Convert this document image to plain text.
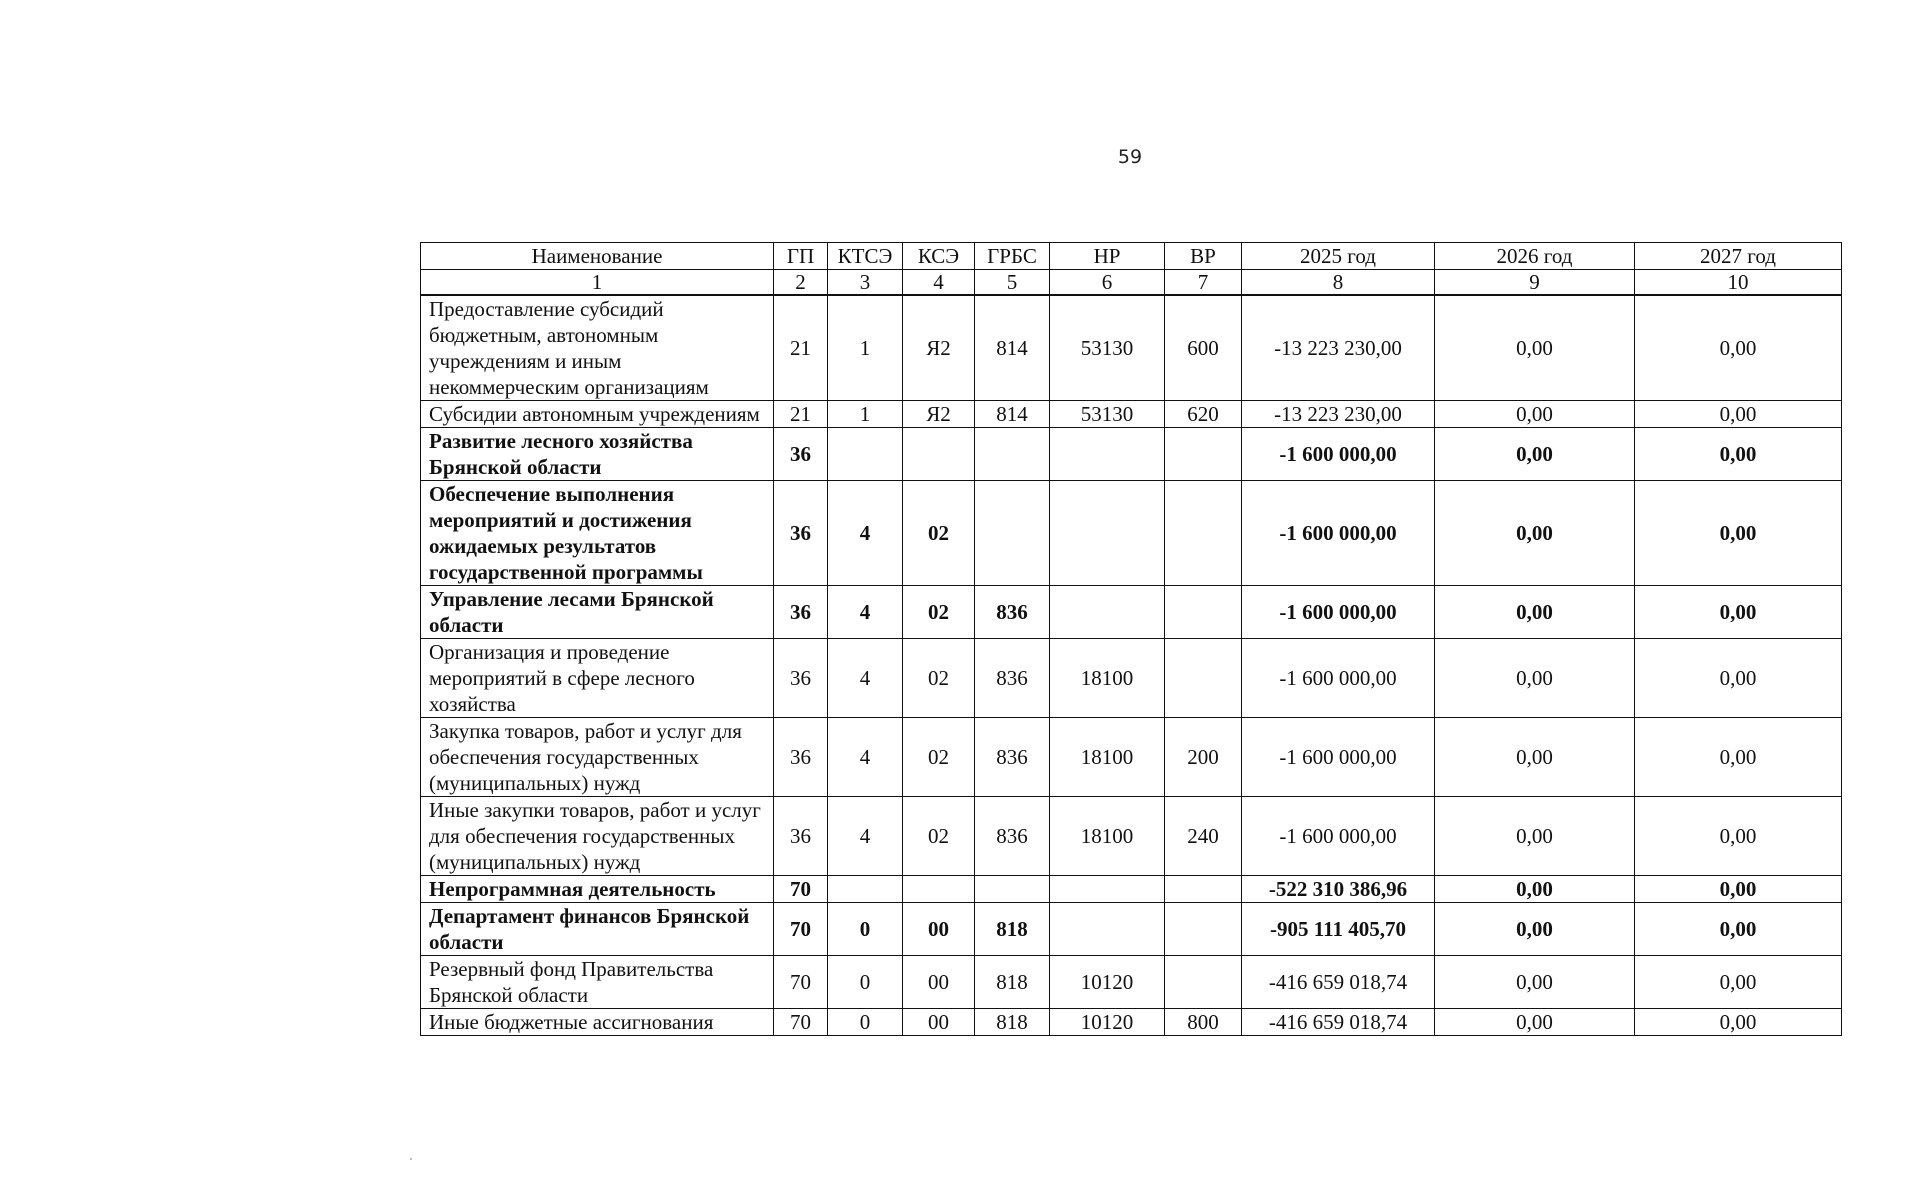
59
Наименование	ГП	КТСЭ	КСЭ	ГРБС	НР	ВР	2025 год	2026 год	2027 год
1	2	3	4	5	6	7	8	9	10
Предоставление субсидий бюджетным, автономным учреждениям и иным некоммерческим организациям	21	1	Я2	814	53130	600	-13 223 230,00	0,00	0,00
Субсидии автономным учреждениям	21	1	Я2	814	53130	620	-13 223 230,00	0,00	0,00
Развитие лесного хозяйства Брянской области	36						-1 600 000,00	0,00	0,00
Обеспечение выполнения мероприятий и достижения ожидаемых результатов государственной программы	36	4	02				-1 600 000,00	0,00	0,00
Управление лесами Брянской области	36	4	02	836			-1 600 000,00	0,00	0,00
Организация и проведение мероприятий в сфере лесного хозяйства	36	4	02	836	18100		-1 600 000,00	0,00	0,00
Закупка товаров, работ и услуг для обеспечения государственных (муниципальных) нужд	36	4	02	836	18100	200	-1 600 000,00	0,00	0,00
Иные закупки товаров, работ и услуг для обеспечения государственных (муниципальных) нужд	36	4	02	836	18100	240	-1 600 000,00	0,00	0,00
Непрограммная деятельность	70						-522 310 386,96	0,00	0,00
Департамент финансов Брянской области	70	0	00	818			-905 111 405,70	0,00	0,00
Резервный фонд Правительства Брянской области	70	0	00	818	10120		-416 659 018,74	0,00	0,00
Иные бюджетные ассигнования	70	0	00	818	10120	800	-416 659 018,74	0,00	0,00
